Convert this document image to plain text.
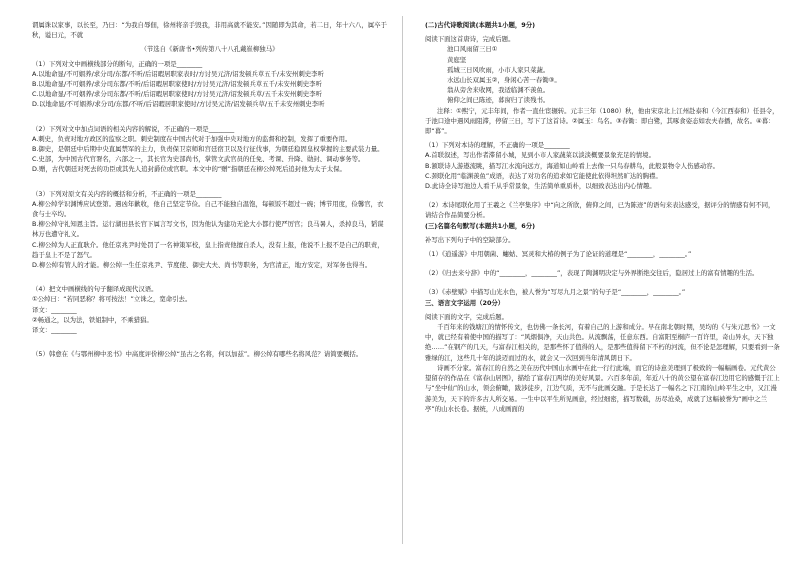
谓属诛以家事，以长至，乃曰：“为我自辱佃，徐州将亲手毁我，非用高就不能安。”因随即为其命，若二日，年十六八，属卒于秋，谥曰元，不就

（节选自《新唐书•列传第八十八孔戴崔柳独马》

（1）下列对文中画横线部分的断句，正确的一项是________

A.以地命显/不可姻养/求分司/东都/不听/后诏暇居职家表时/方讨吴元济/诏发顿兵草五千/未安州刺史李听

B.以地命显/不可姻养/求分司东都/不听/后诏暇居职家使时/方讨吴元济/诏发顿兵草五千/未安州刺史李听

C.以地命显/不可姻养/求分司东都/不听/后诏暇居职家使时/方讨吴元济/诏发顿兵草/五千未安州刺史李听

D.以地命显/不可姻养/求分司/东都/不听/后诏暇居职家使时/方讨吴元济/诏发顿兵草/五千未安州刺史李听

（2）下列对文中加点词语的相关内容的解说，不正确的一项是________

A.刺史，负责对地方政区的监察之职。刺史制度在中国古代对于加强中央对地方的监督和控制，发挥了重要作用。

B.御史，是朝廷中后期中央直属禁军的主力，负责保卫京师和宫廷宿卫以及行征伐事，为朝廷稳固皇权掌握的主要武装力量。

C.史部，为中国古代官署名，六部之一，其长官为史部尚书，掌管文武官员的任免、考课、升降、勋封、调动事务等。

D.赠，古代朝廷对死去的功臣或其先人追封爵位或官职。本文中的“赠”指朝廷在柳公绰死后追封他为太子太保。

（3）下列对原文有关内容的概括和分析，不正确的一项是________

A.柳公绰学识渊博应试登第。遇凶年歉收，他自己坚定节俭。自己不能独自温饱，每顿饭不超过一碗；博节用度，俭馨官，衣食与士卒均。

B.柳公绰守礼知恩主旨。运行湖田县长官下属言写文书，因为他认为建功无论大小都行使严厉官；良马暑人，杀掉良马，韬谋林万也遭守礼义。

C.柳公绰为人正直耿介。他任京兆尹时处罚了一名神策军校，皇上指责他擅自杀人，没有上报，他说不上报不是自己的职责，趋于皇上不是了怒气。

D.柳公绰有管人的才能。柳公绰一生任京兆尹、节度使、御史大夫、尚书等职务，为官清正，地方安定，对军务也得当。

（4）把文中画横线的句子翻译成现代汉语。

①公绰曰：“若同恶称？将可按法！”立诛之，宽命引去。

译文：________

②畅通之，以为法，铁姐制中，不乘猎猖。

译文：________

（5）韩愈在《与鄂州柳中丞书》中高度评价柳公绰“虽古之名将，何以加兹”。柳公绰有哪些名将风范？请简要概括。

(二)古代诗歌阅读(本题共1小题，9分)

阅读下面这首唐诗，完成后题。

池口风雨留三日①

黄庭坚

孤城三日风吹雨，小市人家只菜蔬。

水远山长双属玉②，身闲心苦一春锄③。

翁从旁舍来收网，我适临渊不羡鱼。

俯仰之间已陈迹，暮窗归了读残书。

注释：①熙宁，元丰年间，作者一直仕宦辗转。元丰三年（1080）秋，他由宋京北上江州赴泰和（今江西泰和）任县令，于池口途中遇风雨阻滞，停留三日，写下了这首诗。②属玉：鸟名。③春锄：即白鹭，其啄食姿态如农夫春播，故名。④暮：即“暮”。

（1）下列对本诗的理解，不正确的一项是________

A.首联叙述，写出作者滞留小城，见到小市人家蔬菜以淡淡概要景象充足的情境。

B.颔联诗人游遨流眺，描写江水流向远方，海道如山岭看上去像一只鸟春耕鸟，此般景物令人伤感动容。

C.颈联化用“临渊羡鱼”成语，表达了对功名的追求如它能使此依得坦然旷达的胸襟。

D.此诗全诗写池边人看千从乎常景象，生活简单重质朴，以细致表达出内心情趣。

（2）本诗尾联化用了王羲之《兰亭集序》中“向之所欣，俯仰之间，已为陈迹”的语句来表达感受，据评分的情感有何不同，请结合作品简要分析。

(三)名篇名句默写(本题共1小题，6分)

补写出下列句子中的空缺部分。

（1）《逍遥游》中用朝菌、蟪蛄、冥灵和大椿的例子为了论证的道理是“________，________。”

（2）《归去来兮辞》中的“________，________”，表现了陶渊明决定与外界断绝交往后，隐居过上的富有情趣的生活。

（3）《赤壁赋》中描写山光水色，被人誉为“写尽九月之景”的句子是“________，________。”

三、语言文字运用（20分）

阅读下面的文字，完成后题。

千百年来的钱塘江的情怀传文，也仿佛一条长河，有着自己的上游和成分。早在南北朝时期，吴均的《与朱元思书》一文中，就已经有着使中国的描写了：“风烟俱净，天山共色。从流飘荡，任意东西。自富阳至桐庐一百许里，奇山异水，天下独绝……”在钢产的几天，与富春江相关的，是那些怀了值得的人，是那些值得留下不朽的河流，但不论是怎理解，只要看到一条雅绿的江，这些几十年的淡迈而过的水，就会又一次回到当年清风朗日下。

诗画不分家。富春江的自然之美在历代中国山水画中在此一行行此端，而它的诗意美理到了极致的一幅幅画卷。元代黄公望留存的作品在《富春山居图》，描绘了富春江两岸的美好风景。六百多年前，年近八十的黄公望在富春江边用它的感慨于江上与“坐中仙”的山水，领会俯瞰，跋涉徒步，江边气质，无不与此画交融。于是长达了一幅名之下江南的山岭平生之中，又江漫游美为，天下的许多古人所交易。一生中以平生所见画意，经过细密，描写数载，历尽沧桑，成就了这幅被誉为“画中之兰亭”的山水长卷。据统，八成画面的
